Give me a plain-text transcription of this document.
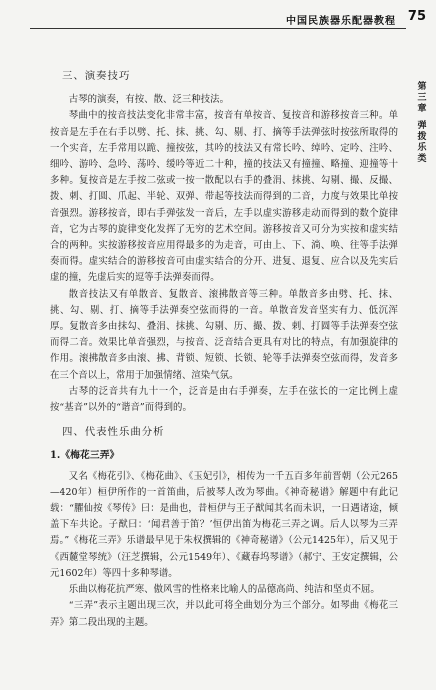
中国民族器乐配器教程 75
第三章
弹拨乐类
三、演奏技巧

古琴的演奏，有按、散、泛三种技法。

琴曲中的按音技法变化非常丰富，按音有单按音、复按音和游移按音三种。单按音是左手在右手以劈、托、抹、挑、勾、剔、打、摘等手法弹弦时按弦所取得的一个实音，左手常用以跪、撞按弦，其吟的技法又有常长吟、绰吟、定吟、注吟、细吟、游吟、急吟、荡吟、缓吟等近二十种，撞的技法又有撞撞、略撞、迎撞等十多种。复按音是左手按二弦或一按一散配以右手的叠涓、抹挑、勾剔、撮、反撮、拨、刺、打圆、爪起、半轮、双弹、带起等技法而得到的二音，力度与效果比单按音强烈。游移按音，即右手弹弦发一音后，左手以虚实游移走动而得到的数个旋律音，它为古琴的旋律变化发挥了无穷的艺术空间。游移按音又可分为实按和虚实结合的两种。实按游移按音应用得最多的为走音，可由上、下、淌、唤、往等手法弹奏而得。虚实结合的游移按音可由虚实结合的分开、进复、退复、应合以及先实后虚的撞，先虚后实的逗等手法弹奏而得。

散音技法又有单散音、复散音、滚拂散音等三种。单散音多由劈、托、抹、挑、勾、剔、打、摘等手法弹奏空弦而得的一音。单散音发音坚实有力、低沉浑厚。复散音多由抹勾、叠涓、抹挑、勾剔、历、撮、拨、剌、打圆等手法弹奏空弦而得二音。效果比单音强烈，与按音、泛音结合更具有对比的特点，有加强旋律的作用。滚拂散音多由滚、拂、背锁、短锁、长锁、轮等手法弹奏空弦而得，发音多在三个音以上，常用于加强情绪、渲染气氛。

古琴的泛音共有九十一个，泛音是由右手弹奏，左手在弦长的一定比例上虚按“基音”以外的“谐音”而得到的。

四、代表性乐曲分析
1.《梅花三弄》

又名《梅花引》、《梅花曲》、《玉妃引》，相传为一千五百多年前晋朝（公元265—420年）桓伊所作的一首笛曲，后被琴人改为琴曲。《神奇秘谱》解题中有此记载：“臞仙按《琴传》曰：是曲也，昔桓伊与王子猷闻其名而未识，一日遇诸途，倾盖下车共论。子猷曰：‘闻君善于笛？’恒伊出笛为梅花三弄之调。后人以琴为三弄焉。”《梅花三弄》乐谱最早见于朱权撰辑的《神奇秘谱》（公元1425年），后又见于《西麓堂琴统》（汪芝撰辑，公元1549年）、《藏春坞琴谱》（郝宁、王安定撰辑，公元1602年）等四十多种琴谱。

乐曲以梅花抗严寒、傲风雪的性格来比喻人的品德高尚、纯洁和坚贞不屈。

“三弄”表示主题出现三次，并以此可将全曲划分为三个部分。如琴曲《梅花三弄》第二段出现的主题。
